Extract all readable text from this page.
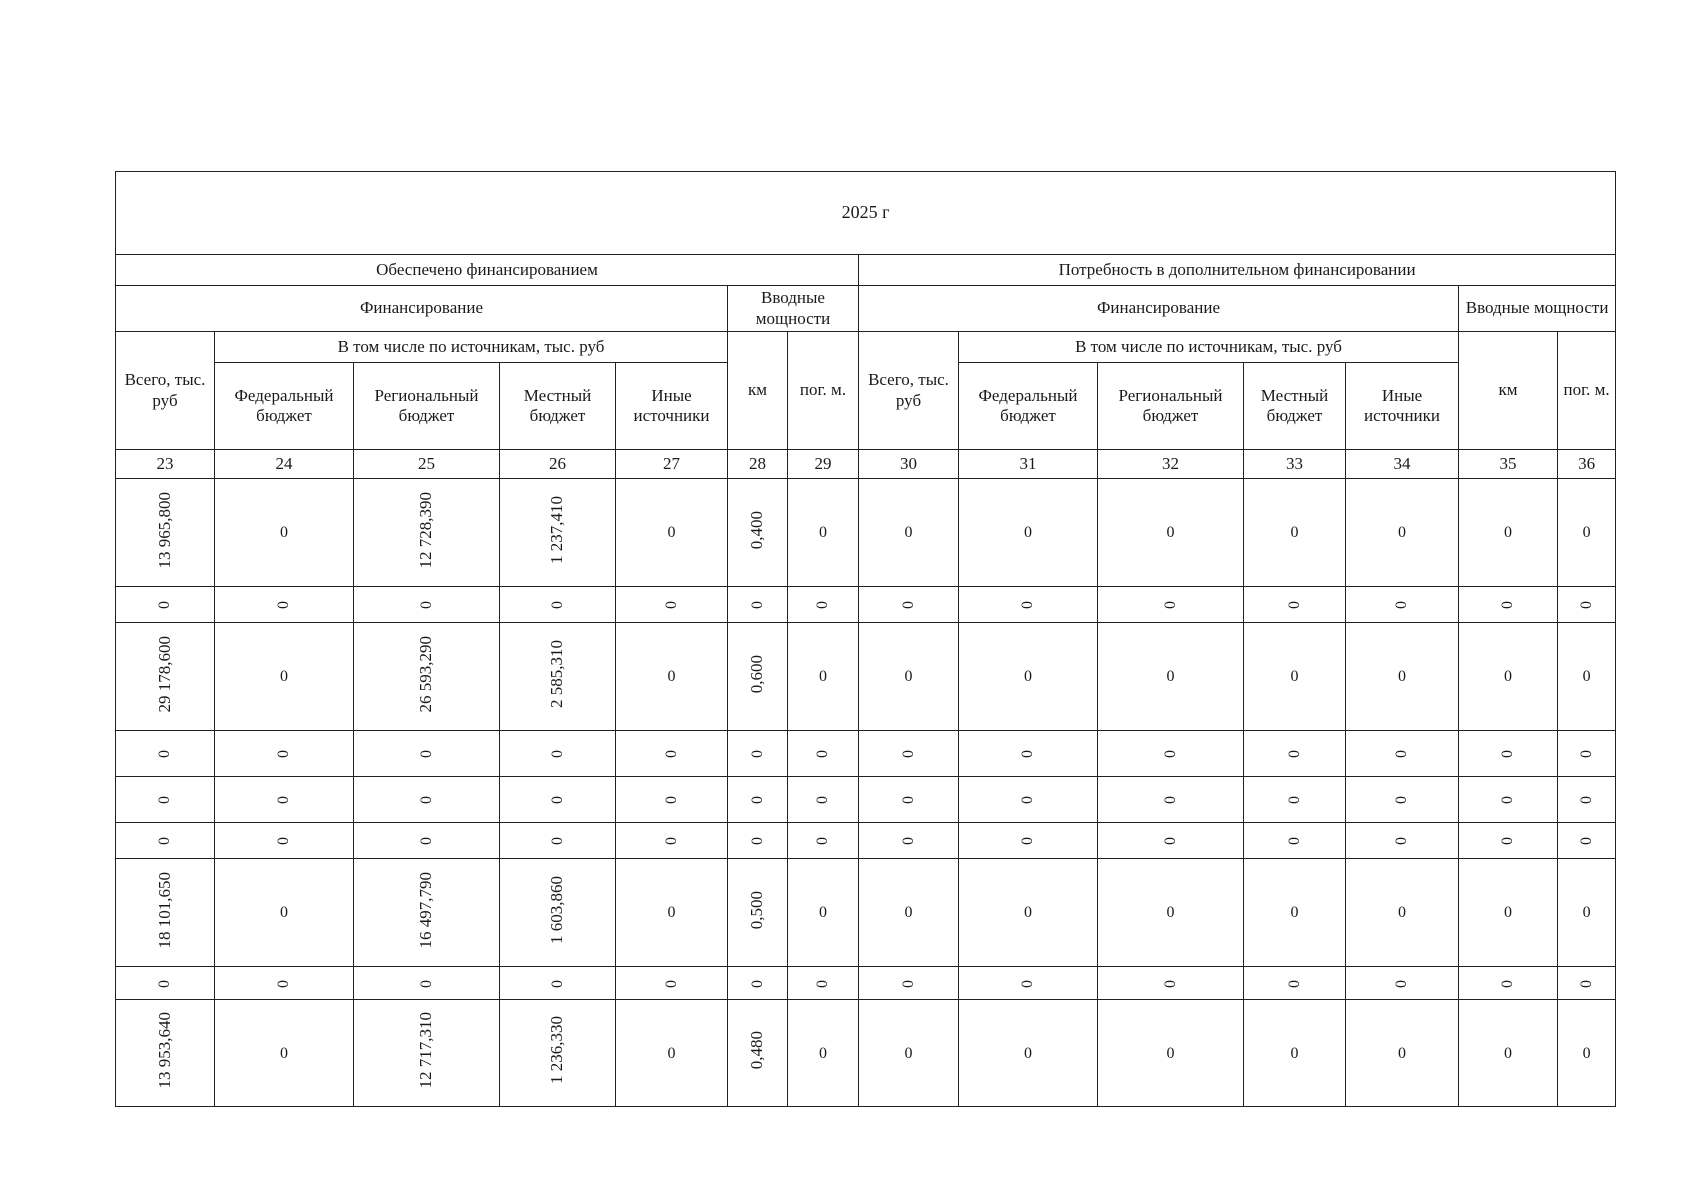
2025 г													
Обеспечено финансированием							Потребность в дополнительном финансировании						
Финансирование					Вводные мощности		Финансирование					Вводные мощности	
Всего, тыс. руб	В том числе по источникам, тыс. руб				км	пог. м.	Всего, тыс. руб	В том числе по источникам, тыс. руб				км	пог. м.
	Федеральный бюджет	Региональный бюджет	Местный бюджет	Иные источники				Федеральный бюджет	Региональный бюджет	Местный бюджет	Иные источники		
23	24	25	26	27	28	29	30	31	32	33	34	35	36
13 965,800	0	12 728,390	1 237,410	0	0,400	0	0	0	0	0	0	0	0
0	0	0	0	0	0	0	0	0	0	0	0	0	0
29 178,600	0	26 593,290	2 585,310	0	0,600	0	0	0	0	0	0	0	0
0	0	0	0	0	0	0	0	0	0	0	0	0	0
0	0	0	0	0	0	0	0	0	0	0	0	0	0
0	0	0	0	0	0	0	0	0	0	0	0	0	0
18 101,650	0	16 497,790	1 603,860	0	0,500	0	0	0	0	0	0	0	0
0	0	0	0	0	0	0	0	0	0	0	0	0	0
13 953,640	0	12 717,310	1 236,330	0	0,480	0	0	0	0	0	0	0	0
